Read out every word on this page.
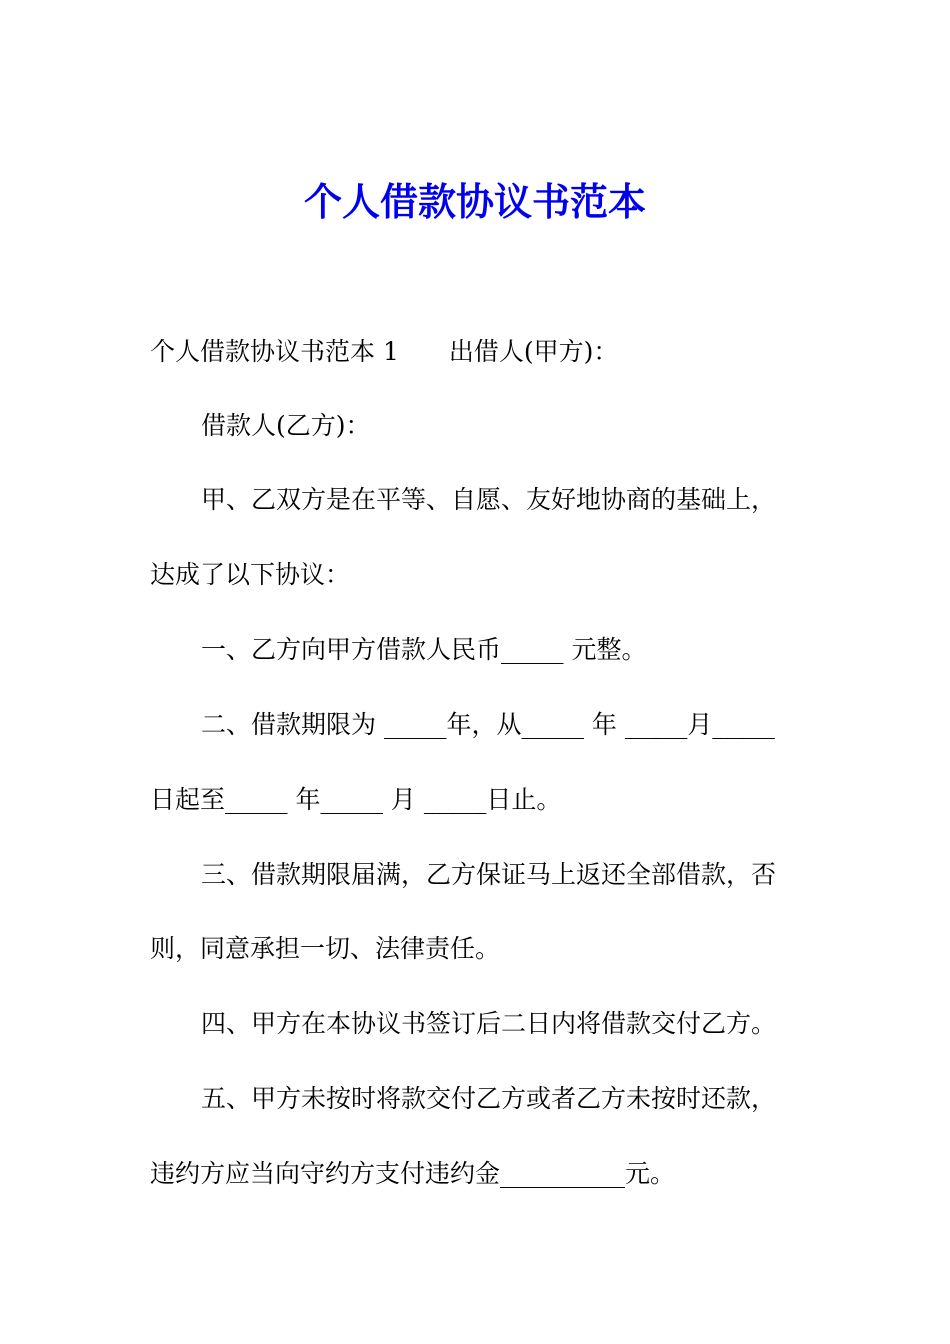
个人借款协议书范本
个人借款协议书范本 1　　出借人(甲方)：
借款人(乙方)：
甲、乙双方是在平等、自愿、友好地协商的基础上，
达成了以下协议：
一、乙方向甲方借款人民币_____ 元整。
二、借款期限为 _____年，从_____ 年 _____月_____
日起至_____ 年_____ 月 _____日止。
三、借款期限届满，乙方保证马上返还全部借款，否
则，同意承担一切、法律责任。
四、甲方在本协议书签订后二日内将借款交付乙方。
五、甲方未按时将款交付乙方或者乙方未按时还款，
违约方应当向守约方支付违约金__________元。
